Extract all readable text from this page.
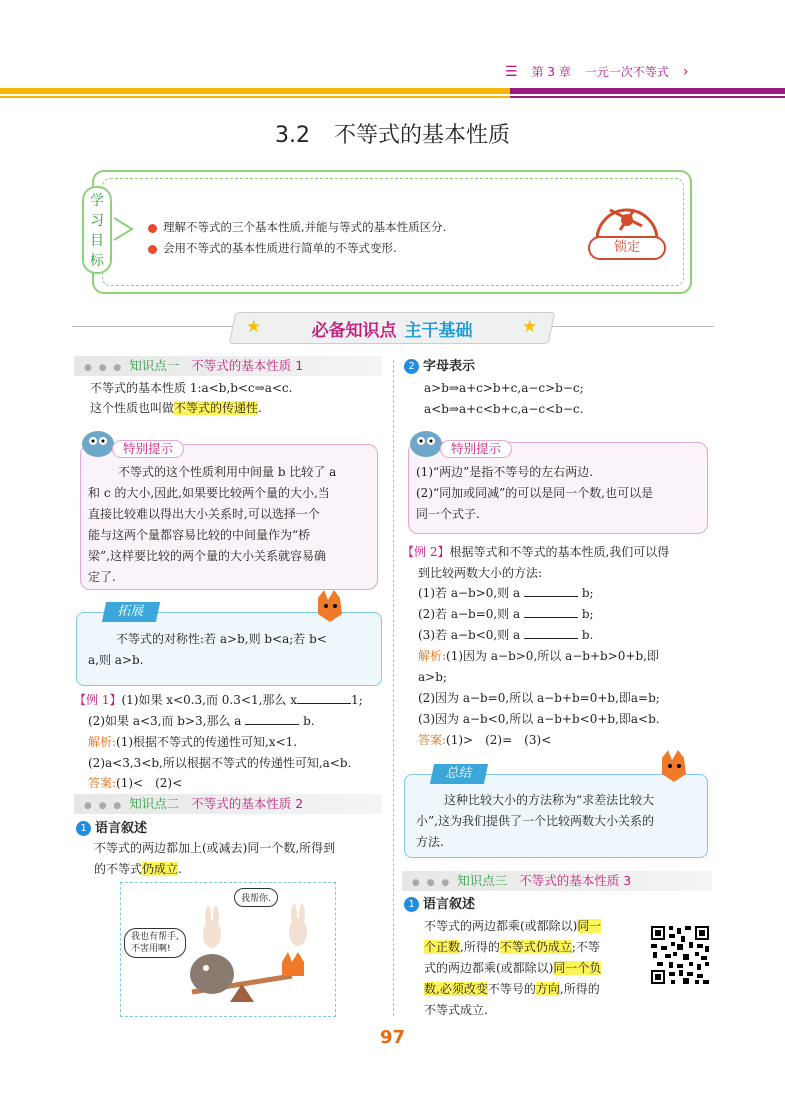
☰ 第 3 章 一元一次不等式 ›
3.2 不等式的基本性质
学
习
目
标
理解不等式的三个基本性质,并能与等式的基本性质区分.
会用不等式的基本性质进行简单的不等式变形.	锁定
★	★
必备知识点 主干基础
● ● ● 知识点一 不等式的基本性质 1
不等式的基本性质 1:a<b,b<c⇒a<c.
这个性质也叫做不等式的传递性.
特别提示
不等式的这个性质利用中间量 b 比较了 a
和 c 的大小,因此,如果要比较两个量的大小,当
直接比较难以得出大小关系时,可以选择一个
能与这两个量都容易比较的中间量作为“桥
梁”,这样要比较的两个量的大小关系就容易确
定了.
拓展
不等式的对称性:若 a>b,则 b<a;若 b<
a,则 a>b.
【例 1】(1)如果 x<0.3,而 0.3<1,那么 x	1;
(2)如果 a<3,而 b>3,那么 a	b.
解析:(1)根据不等式的传递性可知,x<1.
(2)a<3,3<b,所以根据不等式的传递性可知,a<b.
答案:(1)<　(2)<
● ● ● 知识点二 不等式的基本性质 2
1 语言叙述
不等式的两边都加上(或减去)同一个数,所得到
的不等式仍成立.
我帮你.
我也有帮手,
不害用啊!
2 字母表示
a>b⇒a+c>b+c,a−c>b−c;
a<b⇒a+c<b+c,a−c<b−c.
特别提示
(1)“两边”是指不等号的左右两边.
(2)“同加或同减”的可以是同一个数,也可以是
同一个式子.
【例 2】根据等式和不等式的基本性质,我们可以得
到比较两数大小的方法:
(1)若 a−b>0,则 a	b;
(2)若 a−b=0,则 a	b;
(3)若 a−b<0,则 a	b.
解析:(1)因为 a−b>0,所以 a−b+b>0+b,即
a>b;
(2)因为 a−b=0,所以 a−b+b=0+b,即a=b;
(3)因为 a−b<0,所以 a−b+b<0+b,即a<b.
答案:(1)>　(2)=　(3)<
总结
这种比较大小的方法称为“求差法比较大
小”,这为我们提供了一个比较两数大小关系的
方法.
● ● ● 知识点三 不等式的基本性质 3
1 语言叙述
不等式的两边都乘(或都除以)同一
个正数,所得的不等式仍成立;不等
式的两边都乘(或都除以)同一个负
数,必须改变不等号的方向,所得的
不等式成立.
97
